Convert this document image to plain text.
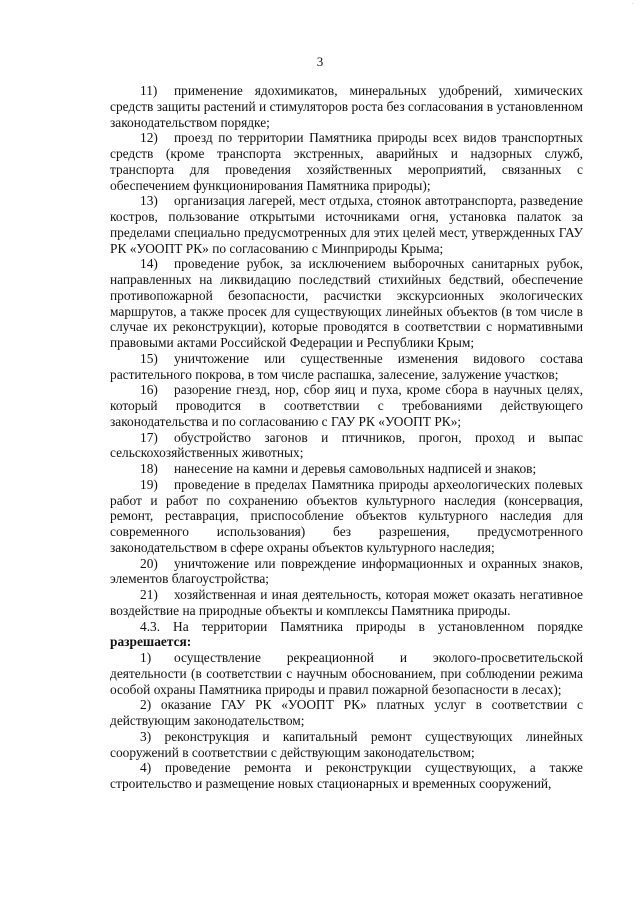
·
3

11) применение ядохимикатов, минеральных удобрений, химических средств защиты растений и стимуляторов роста без согласования в установленном законодательством порядке;

12) проезд по территории Памятника природы всех видов транспортных средств (кроме транспорта экстренных, аварийных и надзорных служб, транспорта для проведения хозяйственных мероприятий, связанных с обеспечением функционирования Памятника природы);

13) организация лагерей, мест отдыха, стоянок автотранспорта, разведение костров, пользование открытыми источниками огня, установка палаток за пределами специально предусмотренных для этих целей мест, утвержденных ГАУ РК «УООПТ РК» по согласованию с Минприроды Крыма;

14) проведение рубок, за исключением выборочных санитарных рубок, направленных на ликвидацию последствий стихийных бедствий, обеспечение противопожарной безопасности, расчистки экскурсионных экологических маршрутов, а также просек для существующих линейных объектов (в том числе в случае их реконструкции), которые проводятся в соответствии с нормативными правовыми актами Российской Федерации и Республики Крым;

15) уничтожение или существенные изменения видового состава растительного покрова, в том числе распашка, залесение, залужение участков;

16) разорение гнезд, нор, сбор яиц и пуха, кроме сбора в научных целях, который проводится в соответствии с требованиями действующего законодательства и по согласованию с ГАУ РК «УООПТ РК»;

17) обустройство загонов и птичников, прогон, проход и выпас сельскохозяйственных животных;

18) нанесение на камни и деревья самовольных надписей и знаков;

19) проведение в пределах Памятника природы археологических полевых работ и работ по сохранению объектов культурного наследия (консервация, ремонт, реставрация, приспособление объектов культурного наследия для современного использования) без разрешения, предусмотренного законодательством в сфере охраны объектов культурного наследия;

20) уничтожение или повреждение информационных и охранных знаков, элементов благоустройства;

21) хозяйственная и иная деятельность, которая может оказать негативное воздействие на природные объекты и комплексы Памятника природы.

4.3. На территории Памятника природы в установленном порядке разрешается:

1) осуществление рекреационной и эколого-просветительской деятельности (в соответствии с научным обоснованием, при соблюдении режима особой охраны Памятника природы и правил пожарной безопасности в лесах);

2) оказание ГАУ РК «УООПТ РК» платных услуг в соответствии с действующим законодательством;

3) реконструкция и капитальный ремонт существующих линейных сооружений в соответствии с действующим законодательством;

4) проведение ремонта и реконструкции существующих, а также строительство и размещение новых стационарных и временных сооружений,
